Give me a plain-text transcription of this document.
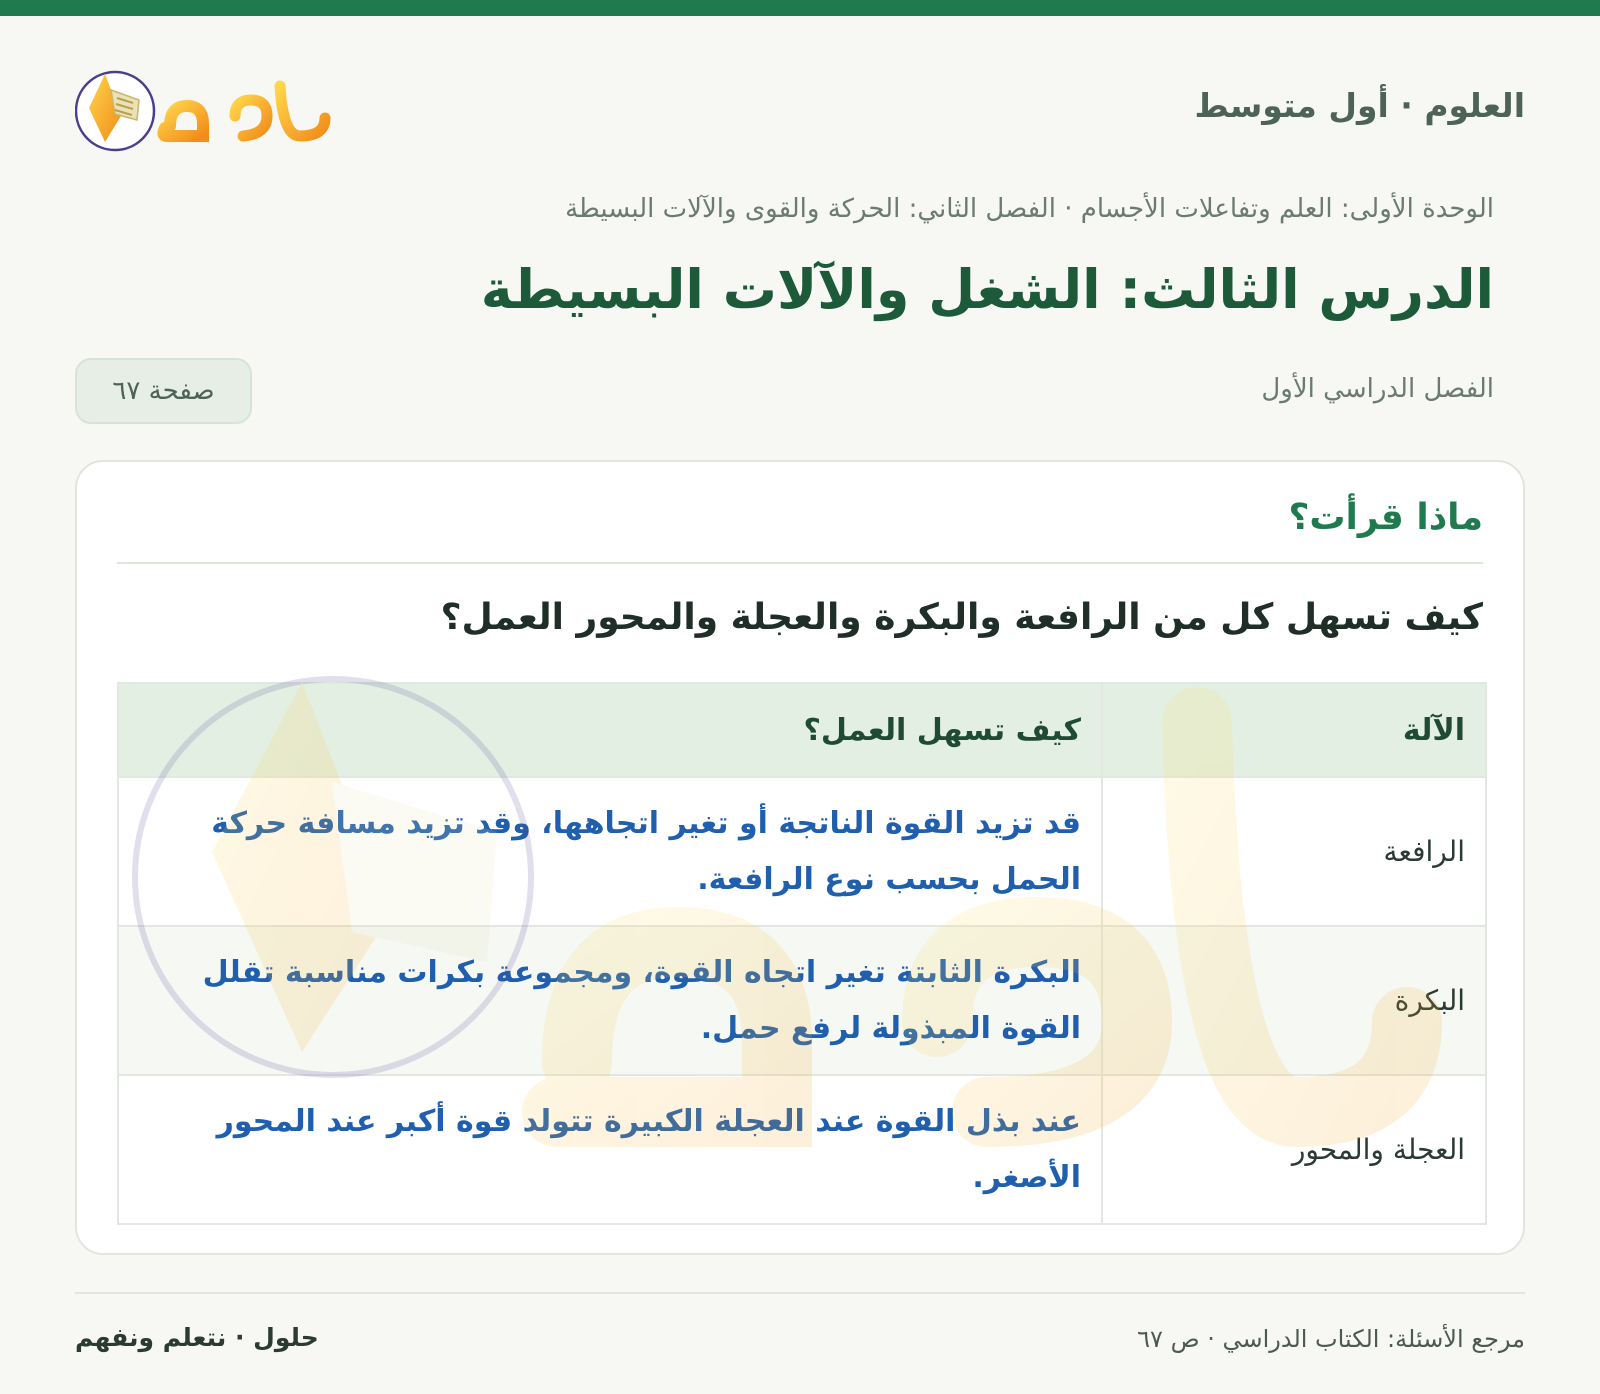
العلوم · أول متوسط
الوحدة الأولى: العلم وتفاعلات الأجسام · الفصل الثاني: الحركة والقوى والآلات البسيطة
الدرس الثالث: الشغل والآلات البسيطة
الفصل الدراسي الأول
صفحة ٦٧
ماذا قرأت؟
كيف تسهل كل من الرافعة والبكرة والعجلة والمحور العمل؟
الآلة	كيف تسهل العمل؟
الرافعة	قد تزيد القوة الناتجة أو تغير اتجاهها، وقد تزيد مسافة حركة الحمل بحسب نوع الرافعة.
البكرة	البكرة الثابتة تغير اتجاه القوة، ومجموعة بكرات مناسبة تقلل القوة المبذولة لرفع حمل.
العجلة والمحور	عند بذل القوة عند العجلة الكبيرة تتولد قوة أكبر عند المحور الأصغر.
مرجع الأسئلة: الكتاب الدراسي · ص ٦٧
حلول · نتعلم ونفهم
